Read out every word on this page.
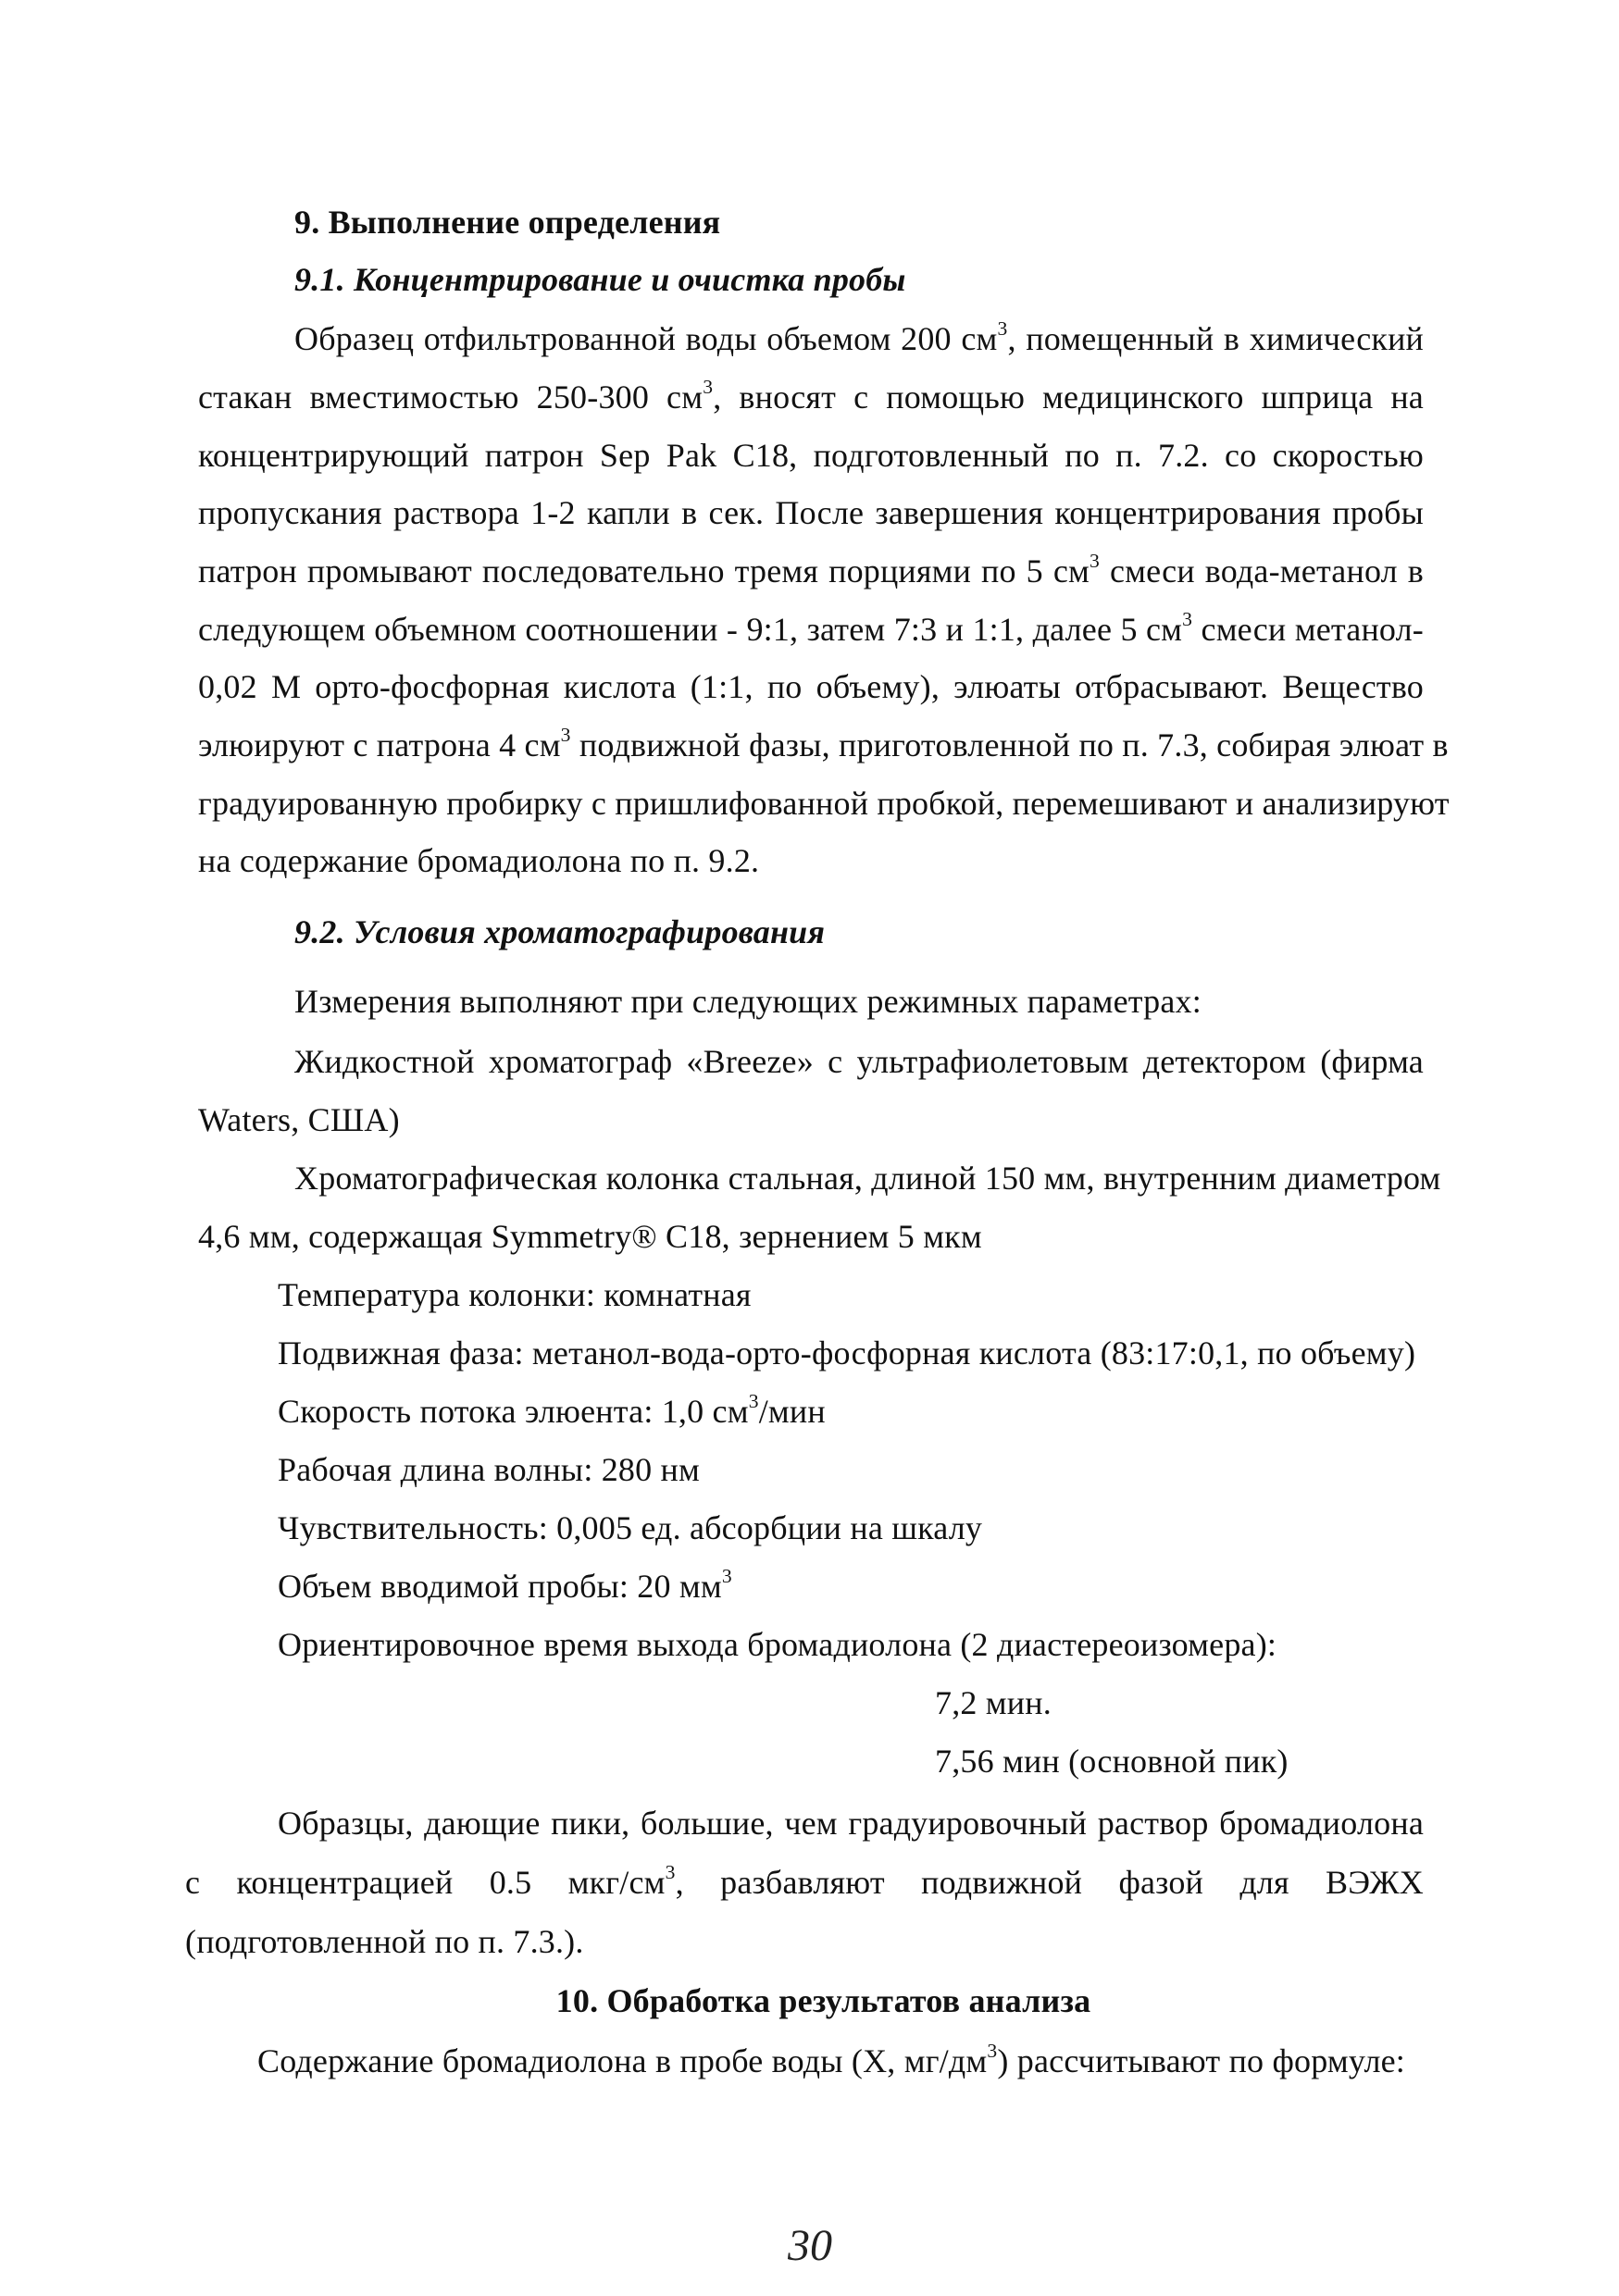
9. Выполнение определения
9.1. Концентрирование и очистка пробы
Образец отфильтрованной воды объемом 200 $см^3$, помещенный в химический
стакан вместимостью 250-300 $см^3$, вносят с помощью медицинского шприца на
концентрирующий патрон Sep Pak C18, подготовленный по п. 7.2. со скоростью
пропускания раствора 1-2 капли в сек. После завершения концентрирования пробы
патрон промывают последовательно тремя порциями по 5 $см^3$ смеси вода-метанол в
следующем объемном соотношении - 9:1, затем 7:3 и 1:1, далее 5 $см^3$ смеси метанол-
0,02 М орто-фосфорная кислота (1:1, по объему), элюаты отбрасывают. Вещество
элюируют с патрона 4 $см^3$ подвижной фазы, приготовленной по п. 7.3, собирая элюат в
градуированную пробирку с пришлифованной пробкой, перемешивают и анализируют
на содержание бромадиолона по п. 9.2.
9.2. Условия хроматографирования
Измерения выполняют при следующих режимных параметрах:
Жидкостной хроматограф «Breeze» с ультрафиолетовым детектором (фирма
Waters, США)
Хроматографическая колонка стальная, длиной 150 мм, внутренним диаметром
4,6 мм, содержащая Symmetry® C18, зернением 5 мкм
Температура колонки: комнатная
Подвижная фаза: метанол-вода-орто-фосфорная кислота (83:17:0,1, по объему)
Скорость потока элюента: 1,0 $см^3$/мин
Рабочая длина волны: 280 нм
Чувствительность: 0,005 ед. абсорбции на шкалу
Объем вводимой пробы: 20 $мм^3$
Ориентировочное время выхода бромадиолона (2 диастереоизомера):
7,2 мин.
7,56 мин (основной пик)
Образцы, дающие пики, большие, чем градуировочный раствор бромадиолона
с концентрацией 0.5 мкг/$см^3$, разбавляют подвижной фазой для ВЭЖХ
(подготовленной по п. 7.3.).
10. Обработка результатов анализа
Содержание бромадиолона в пробе воды (Х, $мг/дм^3$) рассчитывают по формуле:
30
